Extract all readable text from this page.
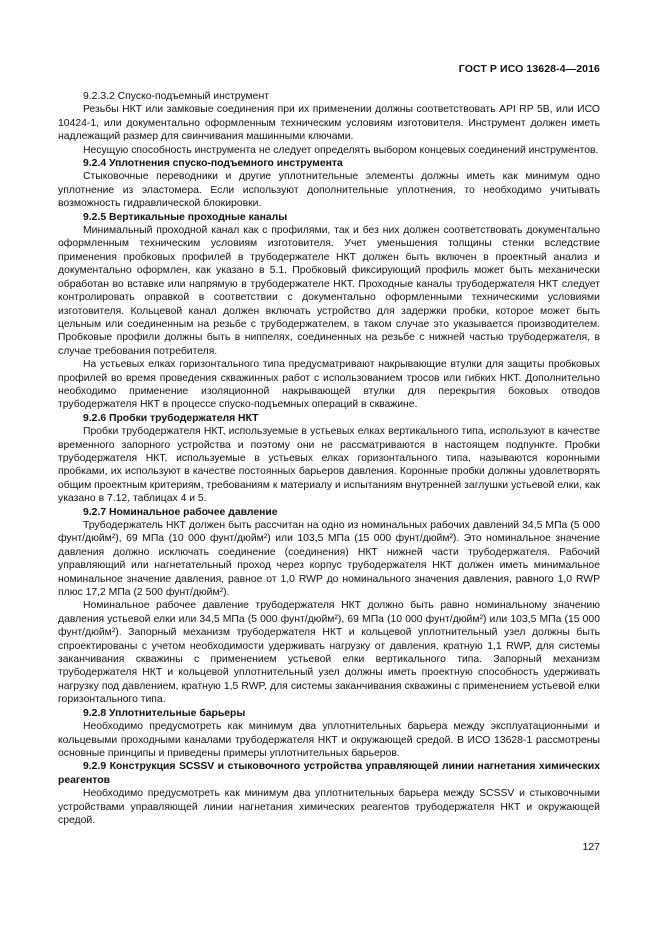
ГОСТ Р ИСО 13628-4—2016

9.2.3.2 Спуско-подъемный инструмент

Резьбы НКТ или замковые соединения при их применении должны соответствовать API RP 5B, или ИСО 10424-1, или документально оформленным техническим условиям изготовителя. Инструмент должен иметь надлежащий размер для свинчивания машинными ключами.

Несущую способность инструмента не следует определять выбором концевых соединений инструментов.

9.2.4 Уплотнения спуско-подъемного инструмента

Стыковочные переводники и другие уплотнительные элементы должны иметь как минимум одно уплотнение из эластомера. Если используют дополнительные уплотнения, то необходимо учитывать возможность гидравлической блокировки.

9.2.5 Вертикальные проходные каналы

Минимальный проходной канал как с профилями, так и без них должен соответствовать документально оформленным техническим условиям изготовителя. Учет уменьшения толщины стенки вследствие применения пробковых профилей в трубодержателе НКТ должен быть включен в проектный анализ и документально оформлен, как указано в 5.1. Пробковый фиксирующий профиль может быть механически обработан во вставке или напрямую в трубодержателе НКТ. Проходные каналы трубодержателя НКТ следует контролировать оправкой в соответствии с документально оформленными техническими условиями изготовителя. Кольцевой канал должен включать устройство для задержки пробки, которое может быть цельным или соединенным на резьбе с трубодержателем, в таком случае это указывается производителем. Пробковые профили должны быть в ниппелях, соединенных на резьбе с нижней частью трубодержателя, в случае требования потребителя.

На устьевых елках горизонтального типа предусматривают накрывающие втулки для защиты пробковых профилей во время проведения скважинных работ с использованием тросов или гибких НКТ. Дополнительно необходимо применение изоляционной накрывающей втулки для перекрытия боковых отводов трубодержателя НКТ в процессе спуско-подъемных операций в скважине.

9.2.6 Пробки трубодержателя НКТ

Пробки трубодержателя НКТ, используемые в устьевых елках вертикального типа, используют в качестве временного запорного устройства и поэтому они не рассматриваются в настоящем подпункте. Пробки трубодержателя НКТ, используемые в устьевых елках горизонтального типа, называются коронными пробками, их используют в качестве постоянных барьеров давления. Коронные пробки должны удовлетворять общим проектным критериям, требованиям к материалу и испытаниям внутренней заглушки устьевой елки, как указано в 7.12, таблицах 4 и 5.

9.2.7 Номинальное рабочее давление

Трубодержатель НКТ должен быть рассчитан на одно из номинальных рабочих давлений 34,5 МПа (5 000 фунт/дюйм²), 69 МПа (10 000 фунт/дюйм²) или 103,5 МПа (15 000 фунт/дюйм²). Это номинальное значение давления должно исключать соединение (соединения) НКТ нижней части трубодержателя. Рабочий управляющий или нагнетательный проход через корпус трубодержателя НКТ должен иметь минимальное номинальное значение давления, равное от 1,0 RWP до номинального значения давления, равного 1,0 RWP плюс 17,2 МПа (2 500 фунт/дюйм²).

Номинальное рабочее давление трубодержателя НКТ должно быть равно номинальному значению давления устьевой елки или 34,5 МПа (5 000 фунт/дюйм²), 69 МПа (10 000 фунт/дюйм²) или 103,5 МПа (15 000 фунт/дюйм²). Запорный механизм трубодержателя НКТ и кольцевой уплотнительный узел должны быть спроектированы с учетом необходимости удерживать нагрузку от давления, кратную 1,1 RWP, для системы заканчивания скважины с применением устьевой елки вертикального типа. Запорный механизм трубодержателя НКТ и кольцевой уплотнительный узел должны иметь проектную способность удерживать нагрузку под давлением, кратную 1,5 RWP, для системы заканчивания скважины с применением устьевой елки горизонтального типа.

9.2.8 Уплотнительные барьеры

Необходимо предусмотреть как минимум два уплотнительных барьера между эксплуатационными и кольцевыми проходными каналами трубодержателя НКТ и окружающей средой. В ИСО 13628-1 рассмотрены основные принципы и приведены примеры уплотнительных барьеров.

9.2.9 Конструкция SCSSV и стыковочного устройства управляющей линии нагнетания химических реагентов

Необходимо предусмотреть как минимум два уплотнительных барьера между SCSSV и стыковочными устройствами управляющей линии нагнетания химических реагентов трубодержателя НКТ и окружающей средой.

127
